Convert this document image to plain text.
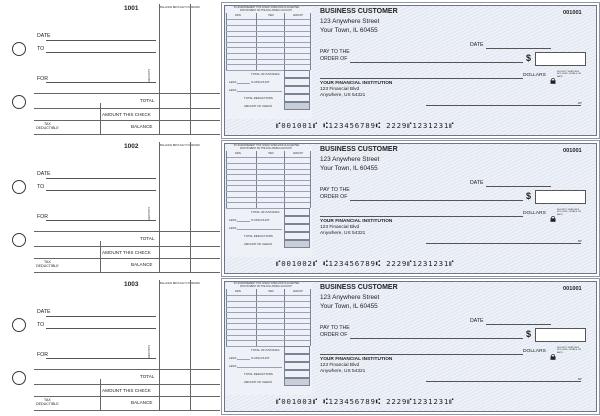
1001	BALANCE BROUGHT FORWARD
DATE
TO
FOR	DEPOSITS
TOTAL
AMOUNT THIS CHECK
BALANCE
TAX
DEDUCTIBLE
1002	BALANCE BROUGHT FORWARD
DATE
TO
FOR	DEPOSITS
TOTAL
AMOUNT THIS CHECK
BALANCE
TAX
DEDUCTIBLE
1003	BALANCE BROUGHT FORWARD
DATE
TO
FOR	DEPOSITS
TOTAL
AMOUNT THIS CHECK
BALANCE
TAX
DEDUCTIBLE
BY ENDORSEMENT THIS CHECK WHEN PAID IS ACCEPTED
FOR PAYMENT ON THE FOLLOWING ACCOUNT
DATE	ITEM	AMOUNT
TOTAL OF INVOICES
LESS	% DISCOUNT
LESS
TOTAL DEDUCTIONS
AMOUNT OF CHECK
BUSINESS CUSTOMER
123 Anywhere Street
Your Town, IL 60455
001001
DATE
PAY TO THE
ORDER OF	$
DOLLARS
SECURITY FEATURES INCLUDED. DETAILS ON BACK.
YOUR FINANCIAL INSTITUTION
123 Financial Blvd
Anywhere, US 54321
MP
⑈001001⑈ ⑆123456789⑆ 2229⑈1231231⑈
BY ENDORSEMENT THIS CHECK WHEN PAID IS ACCEPTED
FOR PAYMENT ON THE FOLLOWING ACCOUNT
DATE	ITEM	AMOUNT
TOTAL OF INVOICES
LESS	% DISCOUNT
LESS
TOTAL DEDUCTIONS
AMOUNT OF CHECK
BUSINESS CUSTOMER
123 Anywhere Street
Your Town, IL 60455
001001
DATE
PAY TO THE
ORDER OF	$
DOLLARS
SECURITY FEATURES INCLUDED. DETAILS ON BACK.
YOUR FINANCIAL INSTITUTION
123 Financial Blvd
Anywhere, US 54321
MP
⑈001002⑈ ⑆123456789⑆ 2229⑈1231231⑈
BY ENDORSEMENT THIS CHECK WHEN PAID IS ACCEPTED
FOR PAYMENT ON THE FOLLOWING ACCOUNT
DATE	ITEM	AMOUNT
TOTAL OF INVOICES
LESS	% DISCOUNT
LESS
TOTAL DEDUCTIONS
AMOUNT OF CHECK
BUSINESS CUSTOMER
123 Anywhere Street
Your Town, IL 60455
001001
DATE
PAY TO THE
ORDER OF	$
DOLLARS
SECURITY FEATURES INCLUDED. DETAILS ON BACK.
YOUR FINANCIAL INSTITUTION
123 Financial Blvd
Anywhere, US 54321
MP
⑈001003⑈ ⑆123456789⑆ 2229⑈1231231⑈
